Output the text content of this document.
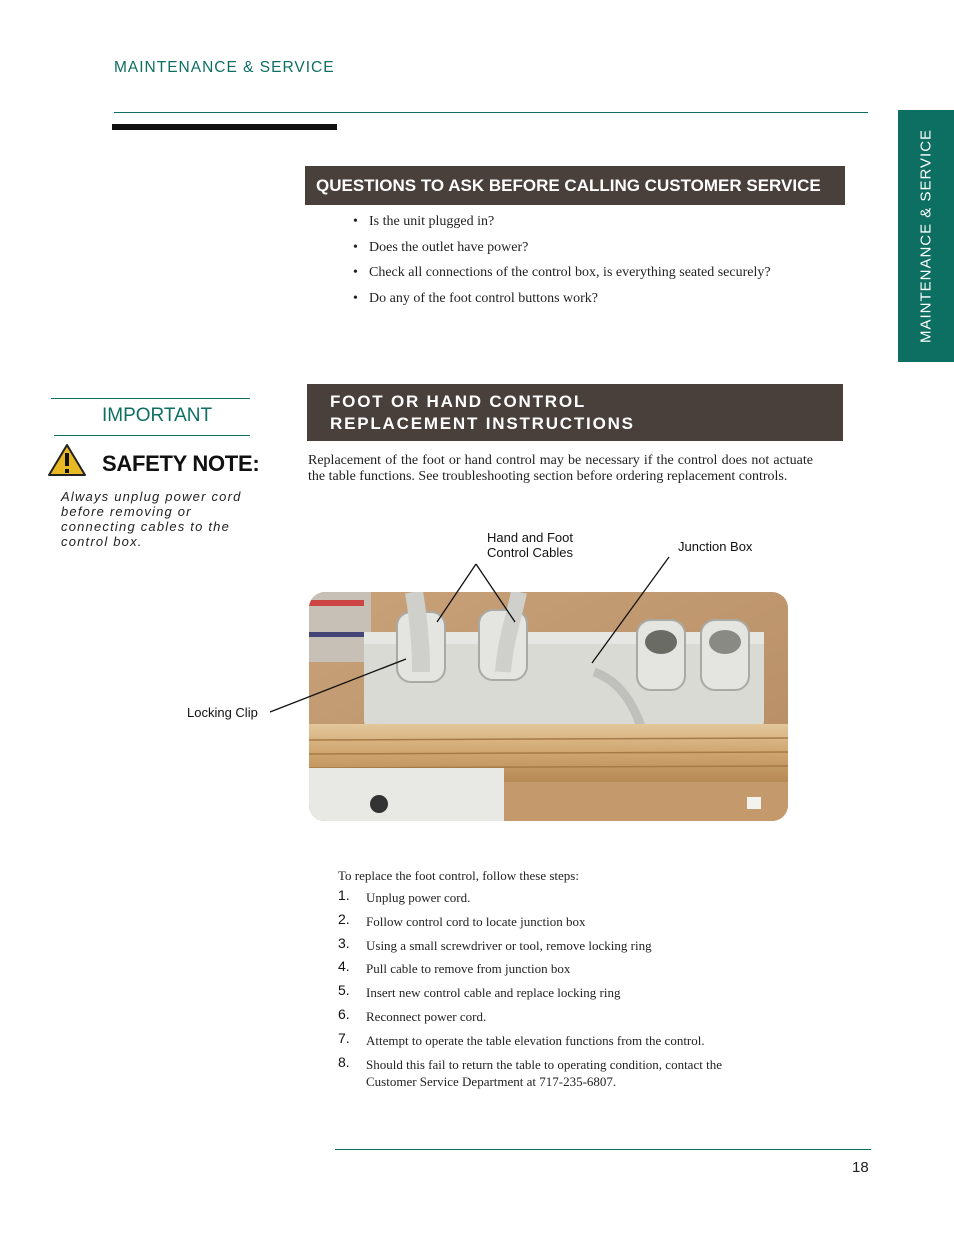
MAINTENANCE & SERVICE
MAINTENANCE & SERVICE
QUESTIONS TO ASK BEFORE CALLING CUSTOMER SERVICE
• Is the unit plugged in?
• Does the outlet have power?
• Check all connections of the control box, is everything seated securely?
• Do any of the foot control buttons work?
IMPORTANT
SAFETY NOTE:
Always unplug power cord before removing or connecting cables to the control box.
FOOT OR HAND CONTROL
REPLACEMENT INSTRUCTIONS
Replacement of the foot or hand control may be necessary if the control does not actuate the table functions. See troubleshooting section before ordering replacement controls.
Hand and Foot
Control Cables	Junction Box
Locking Clip
To replace the foot control, follow these steps:
1. Unplug power cord.
2. Follow control cord to locate junction box
3. Using a small screwdriver or tool, remove locking ring
4. Pull cable to remove from junction box
5. Insert new control cable and replace locking ring
6. Reconnect power cord.
7. Attempt to operate the table elevation functions from the control.
8. Should this fail to return the table to operating condition, contact the Customer Service Department at 717-235-6807.
18
